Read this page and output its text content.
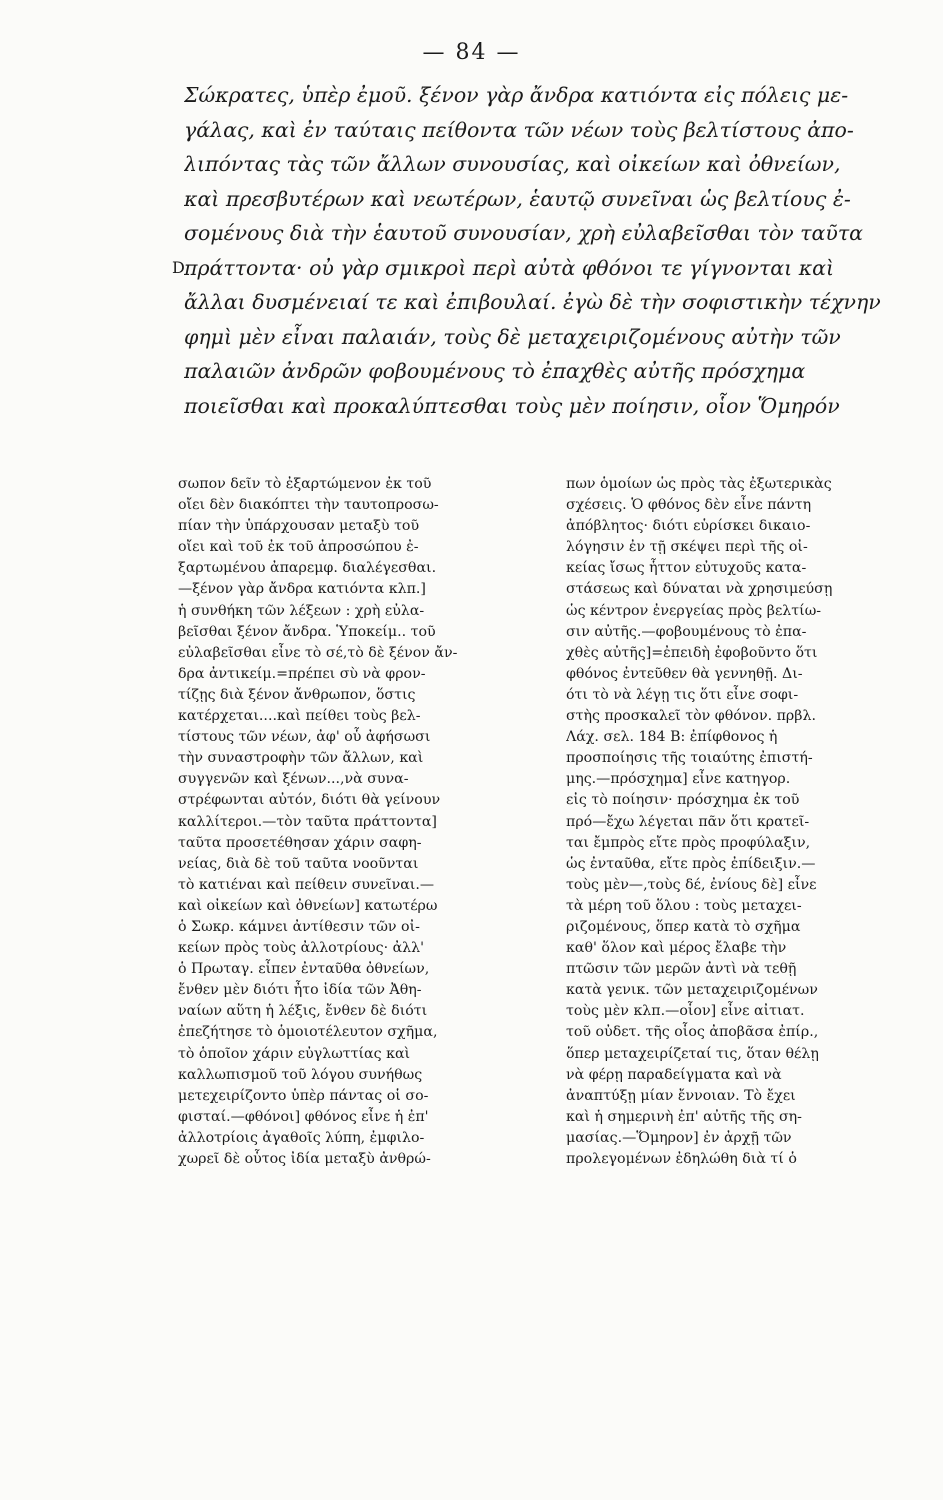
— 84 —
D
Σώκρατες, ὑπὲρ ἐμοῦ. ξένον γὰρ ἄνδρα κατιόντα εἰς πόλεις με-
γάλας, καὶ ἐν ταύταις πείθοντα τῶν νέων τοὺς βελτίστους ἀπο-
λιπόντας τὰς τῶν ἄλλων συνουσίας, καὶ οἰκείων καὶ ὀθνείων,
καὶ πρεσβυτέρων καὶ νεωτέρων, ἑαυτῷ συνεῖναι ὡς βελτίους ἐ-
σομένους διὰ τὴν ἑαυτοῦ συνουσίαν, χρὴ εὐλαβεῖσθαι τὸν ταῦτα
πράττοντα· οὐ γὰρ σμικροὶ περὶ αὐτὰ φθόνοι τε γίγνονται καὶ
ἄλλαι δυσμένειαί τε καὶ ἐπιβουλαί. ἐγὼ δὲ τὴν σοφιστικὴν τέχνην
φημὶ μὲν εἶναι παλαιάν, τοὺς δὲ μεταχειριζομένους αὐτὴν τῶν
παλαιῶν ἀνδρῶν φοβουμένους τὸ ἐπαχθὲς αὐτῆς πρόσχημα
ποιεῖσθαι καὶ προκαλύπτεσθαι τοὺς μὲν ποίησιν, οἷον Ὅμηρόν
σωπον δεῖν τὸ ἐξαρτώμενον ἐκ τοῦ
οἴει δὲν διακόπτει τὴν ταυτοπροσω-
πίαν τὴν ὑπάρχουσαν μεταξὺ τοῦ
οἴει καὶ τοῦ ἐκ τοῦ ἀπροσώπου ἐ-
ξαρτωμένου ἀπαρεμφ. διαλέγεσθαι.
—ξένον γὰρ ἄνδρα κατιόντα κλπ.]
ἡ συνθήκη τῶν λέξεων : χρὴ εὐλα-
βεῖσθαι ξένον ἄνδρα. Ὑποκείμ.. τοῦ
εὐλαβεῖσθαι εἶνε τὸ σέ,τὸ δὲ ξένον ἄν-
δρα ἀντικείμ.=πρέπει σὺ νὰ φρον-
τίζῃς διὰ ξένον ἄνθρωπον, ὅστις
κατέρχεται....καὶ πείθει τοὺς βελ-
τίστους τῶν νέων, ἀφ' οὗ ἀφήσωσι
τὴν συναστροφὴν τῶν ἄλλων, καὶ
συγγενῶν καὶ ξένων...,νὰ συνα-
στρέφωνται αὐτόν, διότι θὰ γείνουν
καλλίτεροι.—τὸν ταῦτα πράττοντα]
ταῦτα προσετέθησαν χάριν σαφη-
νείας, διὰ δὲ τοῦ ταῦτα νοοῦνται
τὸ κατιέναι καὶ πείθειν συνεῖναι.—
καὶ οἰκείων καὶ ὀθνείων] κατωτέρω
ὁ Σωκρ. κάμνει ἀντίθεσιν τῶν οἰ-
κείων πρὸς τοὺς ἀλλοτρίους· ἀλλ'
ὁ Πρωταγ. εἶπεν ἐνταῦθα ὀθνείων,
ἔνθεν μὲν διότι ἦτο ἰδία τῶν Ἀθη-
ναίων αὕτη ἡ λέξις, ἔνθεν δὲ διότι
ἐπεζήτησε τὸ ὁμοιοτέλευτον σχῆμα,
τὸ ὁποῖον χάριν εὐγλωττίας καὶ
καλλωπισμοῦ τοῦ λόγου συνήθως
μετεχειρίζοντο ὑπὲρ πάντας οἱ σο-
φισταί.—φθόνοι] φθόνος εἶνε ἡ ἐπ'
ἀλλοτρίοις ἀγαθοῖς λύπη, ἐμφιλο-
χωρεῖ δὲ οὗτος ἰδία μεταξὺ ἀνθρώ-
πων ὁμοίων ὡς πρὸς τὰς ἐξωτερικὰς
σχέσεις. Ὁ φθόνος δὲν εἶνε πάντη
ἀπόβλητος· διότι εὑρίσκει δικαιο-
λόγησιν ἐν τῇ σκέψει περὶ τῆς οἰ-
κείας ἴσως ἧττον εὐτυχοῦς κατα-
στάσεως καὶ δύναται νὰ χρησιμεύσῃ
ὡς κέντρον ἐνεργείας πρὸς βελτίω-
σιν αὐτῆς.—φοβουμένους τὸ ἐπα-
χθὲς αὐτῆς]=ἐπειδὴ ἐφοβοῦντο ὅτι
φθόνος ἐντεῦθεν θὰ γεννηθῇ. Δι-
ότι τὸ νὰ λέγῃ τις ὅτι εἶνε σοφι-
στὴς προσκαλεῖ τὸν φθόνον. πρβλ.
Λάχ. σελ. 184 B: ἐπίφθονος ἡ
προσποίησις τῆς τοιαύτης ἐπιστή-
μης.—πρόσχημα] εἶνε κατηγορ.
εἰς τὸ ποίησιν· πρόσχημα ἐκ τοῦ
πρό—ἔχω λέγεται πᾶν ὅτι κρατεῖ-
ται ἔμπρὸς εἴτε πρὸς προφύλαξιν,
ὡς ἐνταῦθα, εἴτε πρὸς ἐπίδειξιν.—
τοὺς μὲν—,τοὺς δέ, ἐνίους δὲ] εἶνε
τὰ μέρη τοῦ ὅλου : τοὺς μεταχει-
ριζομένους, ὅπερ κατὰ τὸ σχῆμα
καθ' ὅλον καὶ μέρος ἔλαβε τὴν
πτῶσιν τῶν μερῶν ἀντὶ νὰ τεθῇ
κατὰ γενικ. τῶν μεταχειριζομένων
τοὺς μὲν κλπ.—οἷον] εἶνε αἰτιατ.
τοῦ οὐδετ. τῆς οἷος ἀποβᾶσα ἐπίρ.,
ὅπερ μεταχειρίζεταί τις, ὅταν θέλῃ
νὰ φέρῃ παραδείγματα καὶ νὰ
ἀναπτύξῃ μίαν ἔννοιαν. Τὸ ἔχει
καὶ ἡ σημερινὴ ἐπ' αὐτῆς τῆς ση-
μασίας.—Ὅμηρον] ἐν ἀρχῇ τῶν
προλεγομένων ἐδηλώθη διὰ τί ὁ
